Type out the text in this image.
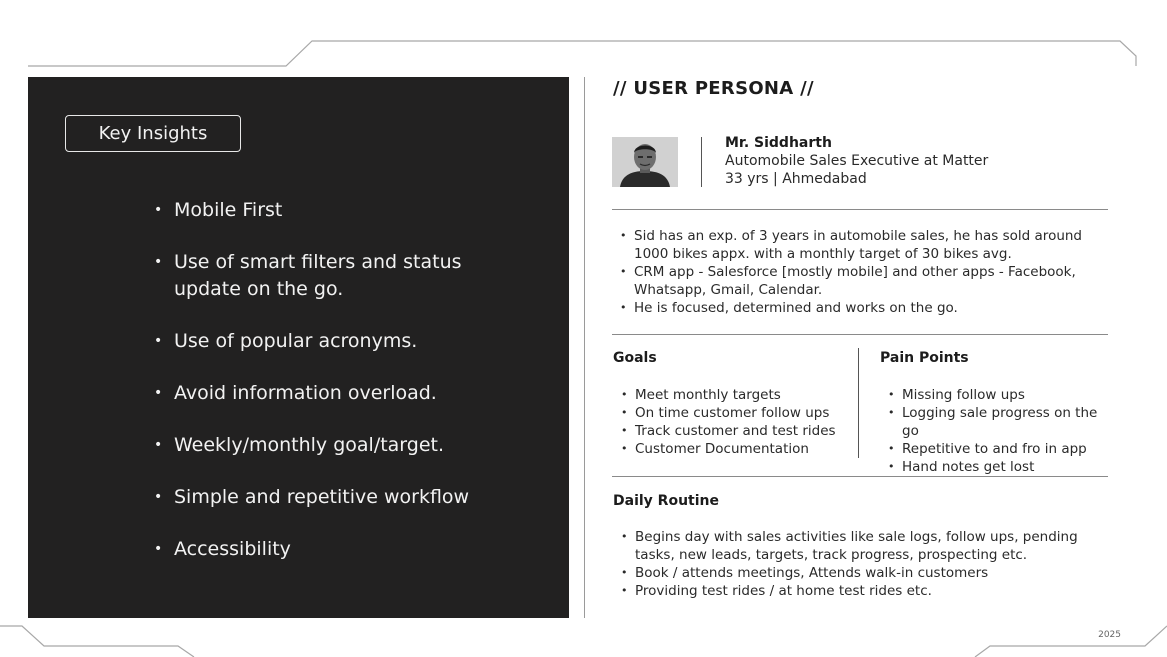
Key Insights
• Mobile First
• Use of smart filters and status update on the go.
• Use of popular acronyms.
• Avoid information overload.
• Weekly/monthly goal/target.
• Simple and repetitive workflow
• Accessibility
// USER PERSONA //
Mr. Siddharth
Automobile Sales Executive at Matter
33 yrs | Ahmedabad
• Sid has an exp. of 3 years in automobile sales, he has sold around 1000 bikes appx. with a monthly target of 30 bikes avg.
• CRM app - Salesforce [mostly mobile] and other apps - Facebook, Whatsapp, Gmail, Calendar.
• He is focused, determined and works on the go.
Goals	Pain Points
• Meet monthly targets
• On time customer follow ups
• Track customer and test rides
• Customer Documentation
• Missing follow ups
• Logging sale progress on the go
• Repetitive to and fro in app
• Hand notes get lost
Daily Routine
• Begins day with sales activities like sale logs, follow ups, pending tasks, new leads, targets, track progress, prospecting etc.
• Book / attends meetings, Attends walk-in customers
• Providing test rides / at home test rides etc.
2025
